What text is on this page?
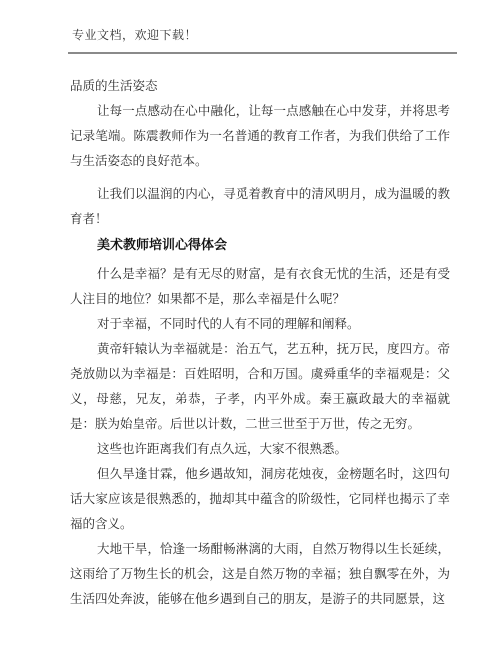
专业文档，欢迎下载！

品质的生活姿态

让每一点感动在心中融化，让每一点感触在心中发芽，并将思考记录笔端。陈震教师作为一名普通的教育工作者，为我们供给了工作与生活姿态的良好范本。

让我们以温润的内心，寻觅着教育中的清风明月，成为温暖的教育者！

美术教师培训心得体会

什么是幸福？是有无尽的财富，是有衣食无忧的生活，还是有受人注目的地位？如果都不是，那么幸福是什么呢？

对于幸福，不同时代的人有不同的理解和阐释。

黄帝轩辕认为幸福就是：治五气，艺五种，抚万民，度四方。帝尧放勋以为幸福是：百姓昭明，合和万国。虞舜重华的幸福观是：父义，母慈，兄友，弟恭，子孝，内平外成。秦王嬴政最大的幸福就是：朕为始皇帝。后世以计数，二世三世至于万世，传之无穷。

这些也许距离我们有点久远，大家不很熟悉。

但久旱逢甘霖，他乡遇故知，洞房花烛夜，金榜题名时，这四句话大家应该是很熟悉的，抛却其中蕴含的阶级性，它同样也揭示了幸福的含义。

大地干旱，恰逢一场酣畅淋漓的大雨，自然万物得以生长延续，这雨给了万物生长的机会，这是自然万物的幸福；独自飘零在外，为生活四处奔波，能够在他乡遇到自己的朋友，是游子的共同愿景，这
